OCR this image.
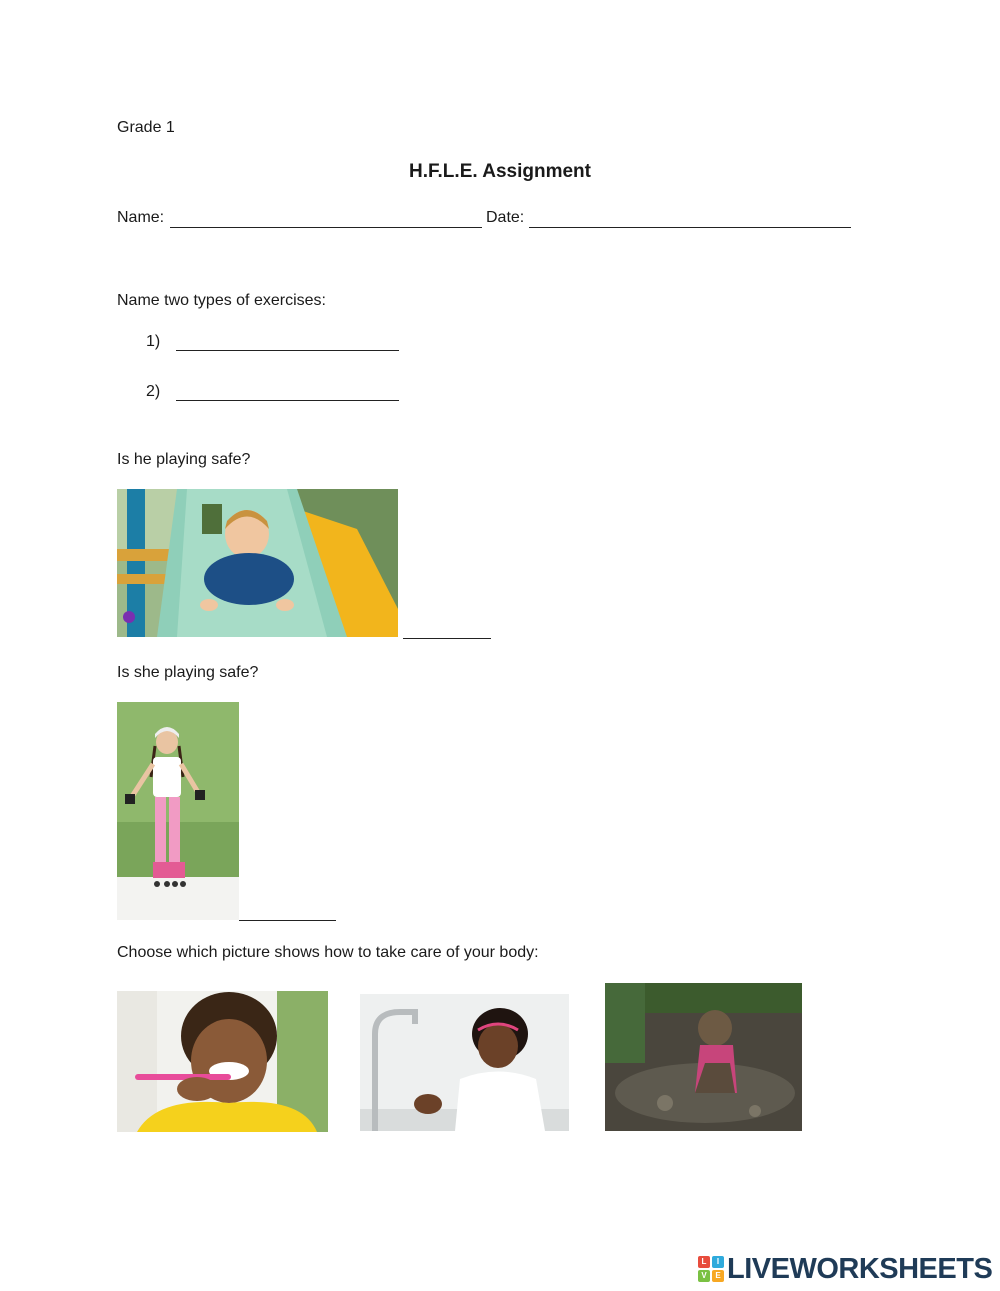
Grade 1
H.F.L.E. Assignment
Name:	Date:
Name two types of exercises:
1)
2)
Is he playing safe?
Is she playing safe?
Choose which picture shows how to take care of your body:
L	I
V	E LIVEWORKSHEETS
